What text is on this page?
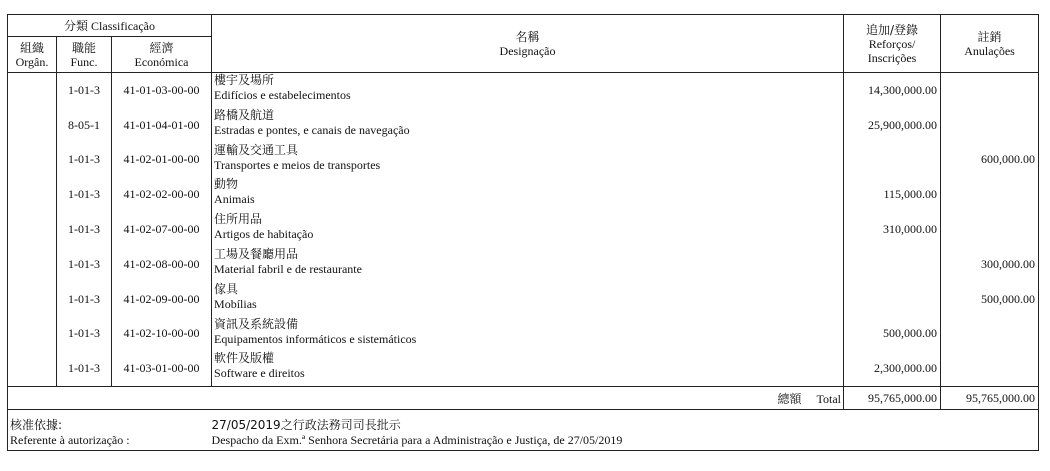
分類 Classificação			名稱
Designação	追加/登錄
Reforços/
Inscrições	註銷
Anulações

組織
Orgân.	職能
Func.	經濟
Económica			

	1-01-3	41-01-03-00-00	樓宇及場所
Edifícios e estabelecimentos	14,300,000.00	
	8-05-1	41-01-04-01-00	路橋及航道
Estradas e pontes, e canais de navegação	25,900,000.00	
	1-01-3	41-02-01-00-00	運輸及交通工具
Transportes e meios de transportes		600,000.00
	1-01-3	41-02-02-00-00	動物
Animais	115,000.00	
	1-01-3	41-02-07-00-00	住所用品
Artigos de habitação	310,000.00	
	1-01-3	41-02-08-00-00	工場及餐廳用品
Material fabril e de restaurante		300,000.00
	1-01-3	41-02-09-00-00	傢具
Mobílias		500,000.00
	1-01-3	41-02-10-00-00	資訊及系統設備
Equipamentos informáticos e sistemáticos	500,000.00	
	1-01-3	41-03-01-00-00	軟件及版權
Software e direitos	2,300,000.00	
總額 Total				95,765,000.00	95,765,000.00

核准依據:
Referente à autorização :			27/05/2019之行政法務司司長批示
Despacho da Exm.ª Senhora Secretária para a Administração e Justiça, de 27/05/2019		
